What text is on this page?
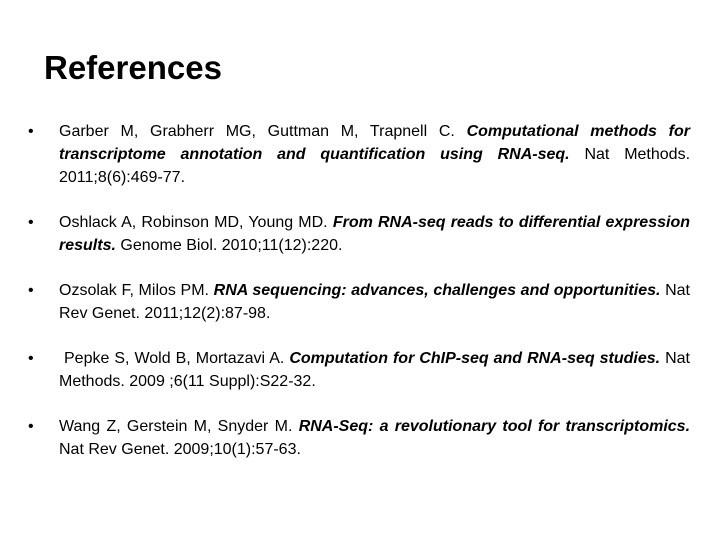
References
•	Garber M, Grabherr MG, Guttman M, Trapnell C. Computational methods for transcriptome annotation and quantification using RNA-seq. Nat Methods. 2011;8(6):469-77.
•	Oshlack A, Robinson MD, Young MD. From RNA-seq reads to differential expression results. Genome Biol. 2010;11(12):220.
•	Ozsolak F, Milos PM. RNA sequencing: advances, challenges and opportunities. Nat Rev Genet. 2011;12(2):87-98.
•	Pepke S, Wold B, Mortazavi A. Computation for ChIP-seq and RNA-seq studies. Nat Methods. 2009 ;6(11 Suppl):S22-32.
•	Wang Z, Gerstein M, Snyder M. RNA-Seq: a revolutionary tool for transcriptomics. Nat Rev Genet. 2009;10(1):57-63.
